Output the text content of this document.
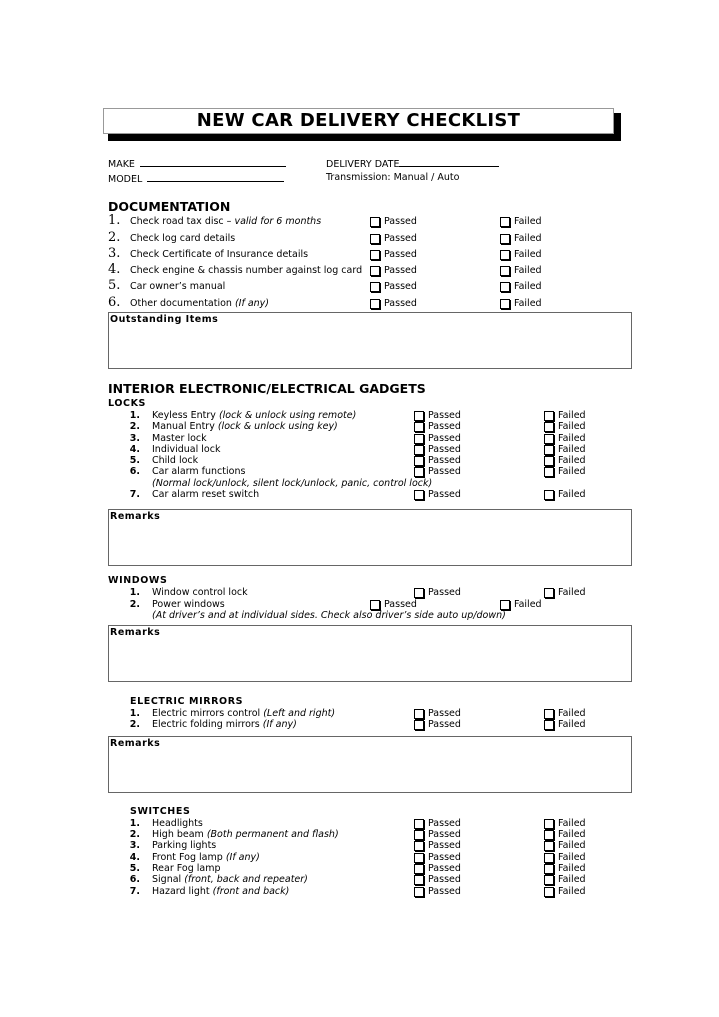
NEW CAR DELIVERY CHECKLIST
MAKE
MODEL
DELIVERY DATE
Transmission: Manual / Auto
DOCUMENTATION
1. Check road tax disc – valid for 6 months	Passed	Failed
2. Check log card details	Passed	Failed
3. Check Certificate of Insurance details	Passed	Failed
4. Check engine & chassis number against log card Passed	Failed
5. Car owner’s manual	Passed	Failed
6. Other documentation (If any)	Passed	Failed
Outstanding Items
INTERIOR ELECTRONIC/ELECTRICAL GADGETS
LOCKS
1. Keyless Entry (lock & unlock using remote)	Passed	Failed
2. Manual Entry (lock & unlock using key)	Passed	Failed
3. Master lock	Passed	Failed
4. Individual lock	Passed	Failed
5. Child lock	Passed	Failed
6. Car alarm functions	Passed	Failed
7. Car alarm reset switch	Passed	Failed
(Normal lock/unlock, silent lock/unlock, panic, control lock)
Remarks
WINDOWS
1. Window control lock	Passed	Failed
2. Power windows	Passed	Failed
(At driver’s and at individual sides. Check also driver’s side auto up/down)
Remarks
ELECTRIC MIRRORS
1. Electric mirrors control (Left and right)	Passed	Failed
2. Electric folding mirrors (If any)	Passed	Failed
Remarks
SWITCHES
1. Headlights	Passed	Failed
2. High beam (Both permanent and flash)	Passed	Failed
3. Parking lights	Passed	Failed
4. Front Fog lamp (If any)	Passed	Failed
5. Rear Fog lamp	Passed	Failed
6. Signal (front, back and repeater)	Passed	Failed
7. Hazard light (front and back)	Passed	Failed
